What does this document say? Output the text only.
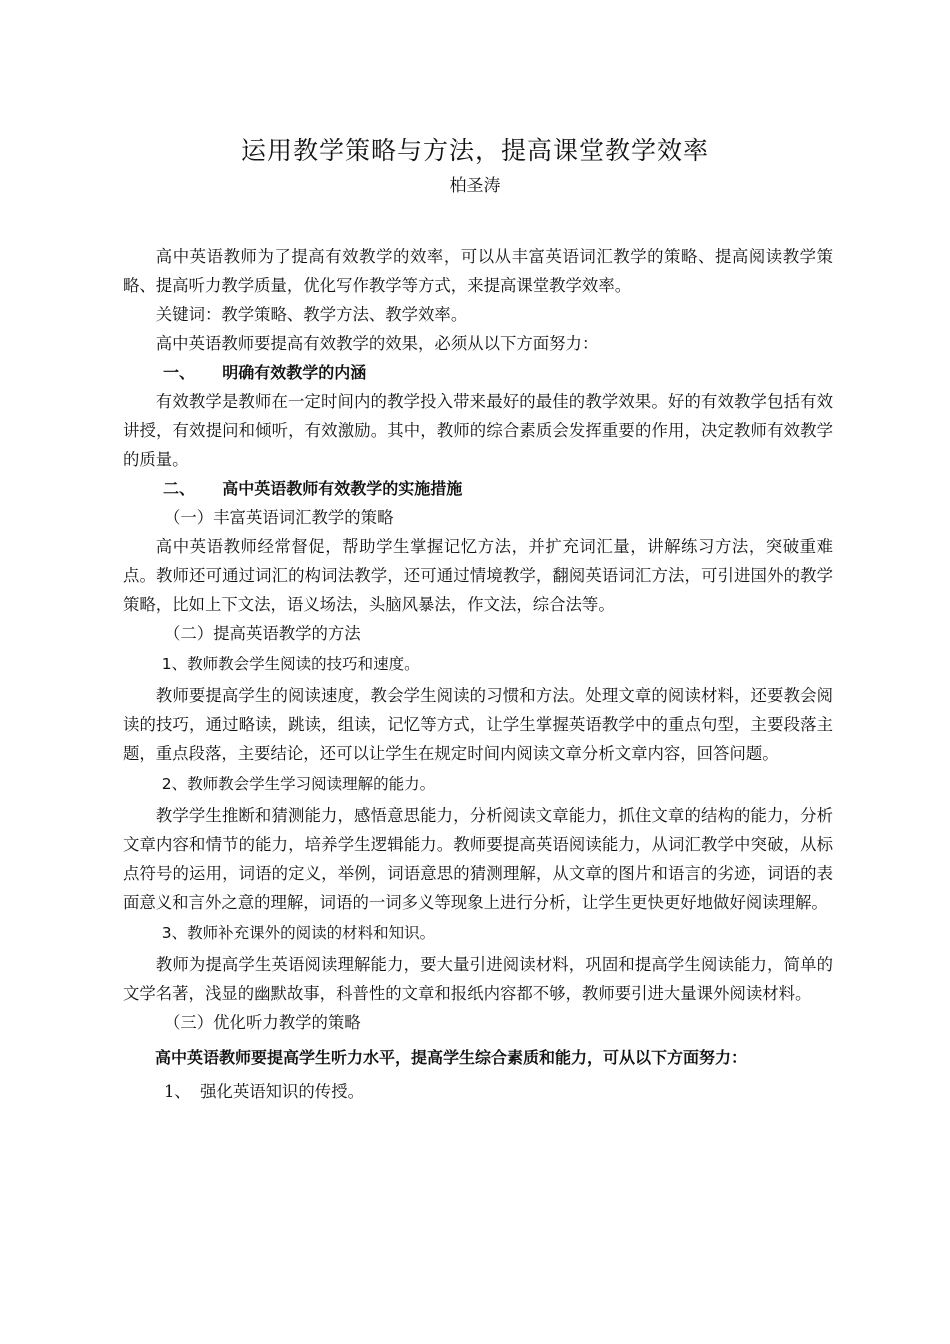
运用教学策略与方法，提高课堂教学效率
柏圣涛

高中英语教师为了提高有效教学的效率，可以从丰富英语词汇教学的策略、提高阅读教学策略、提高听力教学质量，优化写作教学等方式，来提高课堂教学效率。

关键词：教学策略、教学方法、教学效率。

高中英语教师要提高有效教学的效果，必须从以下方面努力：

一、 明确有效教学的内涵

有效教学是教师在一定时间内的教学投入带来最好的最佳的教学效果。好的有效教学包括有效讲授，有效提问和倾听，有效激励。其中，教师的综合素质会发挥重要的作用，决定教师有效教学的质量。

二、 高中英语教师有效教学的实施措施
（一）丰富英语词汇教学的策略

高中英语教师经常督促，帮助学生掌握记忆方法，并扩充词汇量，讲解练习方法，突破重难点。教师还可通过词汇的构词法教学，还可通过情境教学，翻阅英语词汇方法，可引进国外的教学策略，比如上下文法，语义场法，头脑风暴法，作文法，综合法等。

（二）提高英语教学的方法
1、教师教会学生阅读的技巧和速度。

教师要提高学生的阅读速度，教会学生阅读的习惯和方法。处理文章的阅读材料，还要教会阅读的技巧，通过略读，跳读，组读，记忆等方式，让学生掌握英语教学中的重点句型，主要段落主题，重点段落，主要结论，还可以让学生在规定时间内阅读文章分析文章内容，回答问题。

2、教师教会学生学习阅读理解的能力。

教学学生推断和猜测能力，感悟意思能力，分析阅读文章能力，抓住文章的结构的能力，分析文章内容和情节的能力，培养学生逻辑能力。教师要提高英语阅读能力，从词汇教学中突破，从标点符号的运用，词语的定义，举例，词语意思的猜测理解，从文章的图片和语言的劣迹，词语的表面意义和言外之意的理解，词语的一词多义等现象上进行分析，让学生更快更好地做好阅读理解。

3、教师补充课外的阅读的材料和知识。

教师为提高学生英语阅读理解能力，要大量引进阅读材料，巩固和提高学生阅读能力，简单的文学名著，浅显的幽默故事，科普性的文章和报纸内容都不够，教师要引进大量课外阅读材料。

（三）优化听力教学的策略

高中英语教师要提高学生听力水平，提高学生综合素质和能力，可从以下方面努力：

1、 强化英语知识的传授。
